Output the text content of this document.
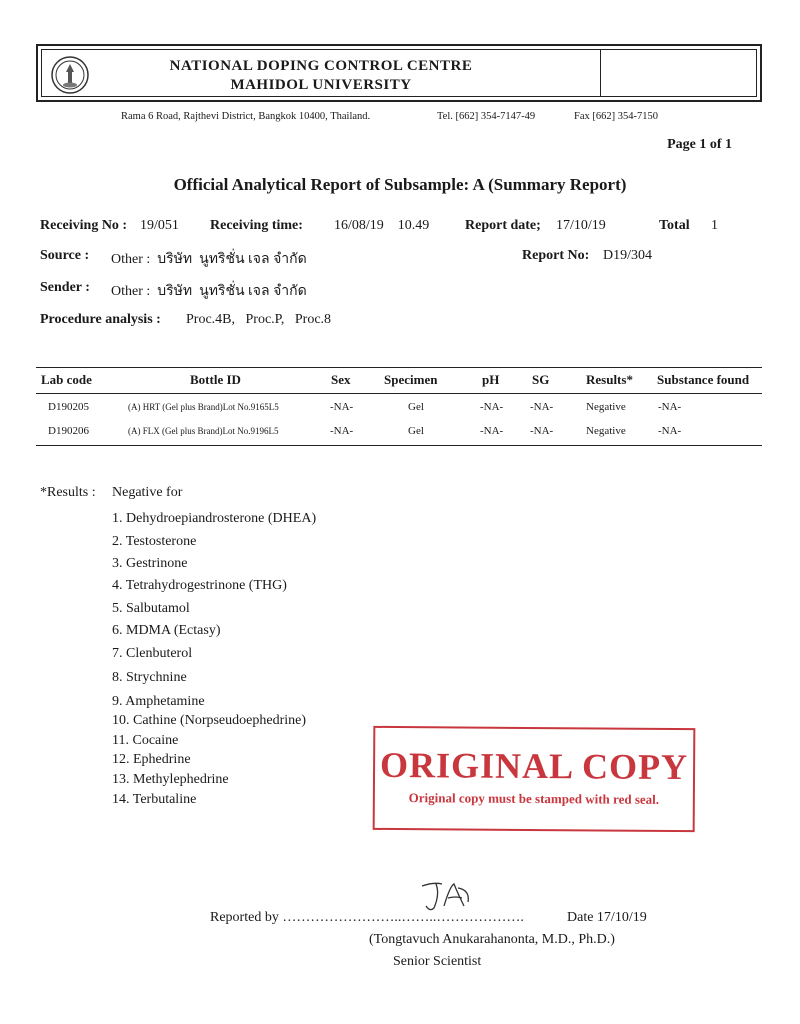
NATIONAL DOPING CONTROL CENTRE
MAHIDOL UNIVERSITY
Rama 6 Road, Rajthevi District, Bangkok 10400, Thailand.	Tel. [662] 354-7147-49	Fax [662] 354-7150
Page 1 of 1
Official Analytical Report of Subsample: A (Summary Report)
Receiving No : 19/051 Receiving time: 16/08/19    10.49	Report date; 17/10/19	Total 1
Source : Other :  บริษัท  นูทริชั่น เจล จำกัด	Report No: D19/304
Sender : Other :  บริษัท  นูทริชั่น เจล จำกัด
Procedure analysis : Proc.4B,   Proc.P,   Proc.8
Lab code	Bottle ID	Sex	Specimen	pH	SG	Results* Substance found
D190205	(A) HRT (Gel plus Brand)Lot No.9165L5	-NA-	Gel	-NA- -NA-	Negative	-NA-
D190206	(A) FLX (Gel plus Brand)Lot No.9196L5	-NA-	Gel	-NA- -NA-	Negative	-NA-
*Results : Negative for
1. Dehydroepiandrosterone (DHEA)
2. Testosterone
3. Gestrinone
4. Tetrahydrogestrinone (THG)
5. Salbutamol
6. MDMA (Ectasy)
7. Clenbuterol
8. Strychnine
9. Amphetamine
10. Cathine (Norpseudoephedrine)
11. Cocaine
12. Ephedrine
13. Methylephedrine
14. Terbutaline
ORIGINAL COPY
Original copy must be stamped with red seal.
Reported by ……………………..……..……………….	Date 17/10/19
(Tongtavuch Anukarahanonta, M.D., Ph.D.)
Senior Scientist
